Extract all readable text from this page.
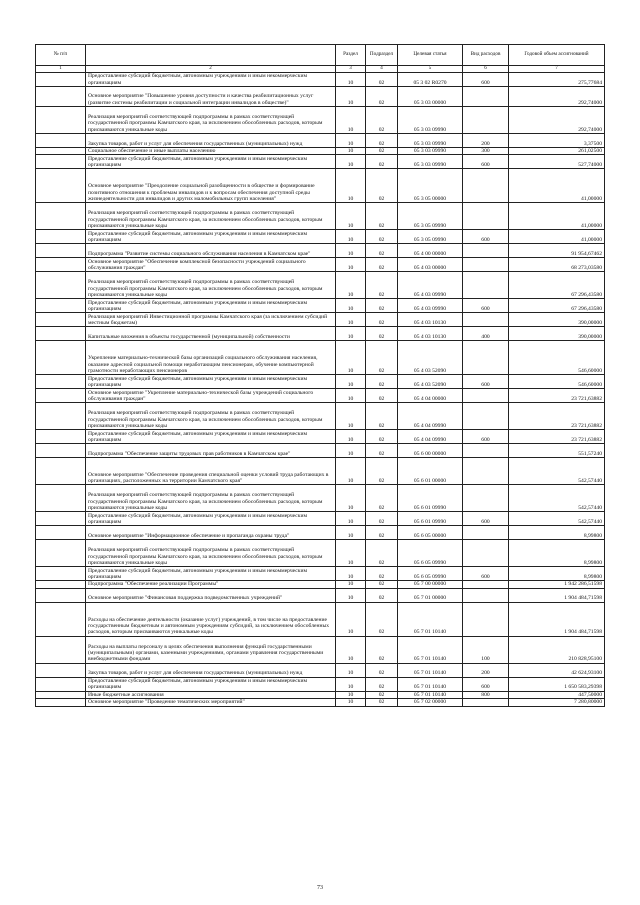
№ п/п		Раздел	Подраздел	Целевая статья	Вид расходов	Годовой объем ассигнований
1	2	3	4	5	6	7
	Предоставление субсидий бюджетным, автономным учреждениям и иным некоммерческим организациям	10	02	05 3 02 R0270	600	275,77684
	Основное мероприятие "Повышение уровня доступности и качества реабилитационных услуг (развитие системы реабилитации и социальной интеграции инвалидов в обществе)"	10	02	05 3 03 00000		292,74000
	Реализация мероприятий соответствующей подпрограммы в рамках соответствующей государственной программы Камчатского края, за исключением обособленных расходов, которым присваиваются уникальные коды	10	02	05 3 03 09990		292,74000
	Закупка товаров, работ и услуг для обеспечения государственных (муниципальных) нужд	10	02	05 3 03 09990	200	3,37500
	Социальное обеспечение и иные выплаты населению	10	02	05 3 03 09990	300	261,02500
	Предоставление субсидий бюджетным, автономным учреждениям и иным некоммерческим организациям	10	02	05 3 03 09990	600	527,74000
	Основное мероприятие "Преодоление социальной разобщенности в обществе и формирование позитивного отношения к проблемам инвалидов и к вопросам обеспечения доступной среды жизнедеятельности для инвалидов и других маломобильных групп населения"	10	02	05 3 05 00000		41,00000
	Реализация мероприятий соответствующей подпрограммы в рамках соответствующей государственной программы Камчатского края, за исключением обособленных расходов, которым присваиваются уникальные коды	10	02	05 3 05 09990		41,00000
	Предоставление субсидий бюджетным, автономным учреждениям и иным некоммерческим организациям	10	02	05 3 05 09990	600	41,00000
	Подпрограмма "Развитие системы социального обслуживания населения в Камчатском крае"	10	02	05 4 00 00000		91 954,67462
	Основное мероприятие "Обеспечение комплексной безопасности учреждений социального обслуживания граждан"	10	02	05 4 03 00000		68 273,03580
	Реализация мероприятий соответствующей подпрограммы в рамках соответствующей государственной программы Камчатского края, за исключением обособленных расходов, которым присваиваются уникальные коды	10	02	05 4 03 09990		67 296,43580
	Предоставление субсидий бюджетным, автономным учреждениям и иным некоммерческим организациям	10	02	05 4 03 09990	600	67 296,43580
	Реализация мероприятий Инвестиционной программы Камчатского края (за исключением субсидий местным бюджетам)	10	02	05 4 03 10130		390,00000
	Капитальные вложения в объекты государственной (муниципальной) собственности	10	02	05 4 03 10130	400	390,00000
	Укрепление материально-технической базы организаций социального обслуживания населения, оказание адресной социальной помощи неработающим пенсионерам, обучение компьютерной грамотности неработающих пенсионеров	10	02	05 4 03 52090		546,60000
	Предоставление субсидий бюджетным, автономным учреждениям и иным некоммерческим организациям	10	02	05 4 03 52090	600	546,60000
	Основное мероприятие "Укрепление материально-технической базы учреждений социального обслуживания граждан"	10	02	05 4 04 00000		23 721,63882
	Реализация мероприятий соответствующей подпрограммы в рамках соответствующей государственной программы Камчатского края, за исключением обособленных расходов, которым присваиваются уникальные коды	10	02	05 4 04 09990		23 721,63882
	Предоставление субсидий бюджетным, автономным учреждениям и иным некоммерческим организациям	10	02	05 4 04 09990	600	23 721,63882
	Подпрограмма "Обеспечение защиты трудовых прав работников в Камчатском крае"	10	02	05 6 00 00000		551,57240
	Основное мероприятие "Обеспечение проведения специальной оценки условий труда работающих в организациях, расположенных на территории Камчатского края"	10	02	05 6 01 00000		542,57440
	Реализация мероприятий соответствующей подпрограммы в рамках соответствующей государственной программы Камчатского края, за исключением обособленных расходов, которым присваиваются уникальные коды	10	02	05 6 01 09990		542,57440
	Предоставление субсидий бюджетным, автономным учреждениям и иным некоммерческим организациям	10	02	05 6 01 09990	600	542,57440
	Основное мероприятие "Информационное обеспечение и пропаганда охраны труда"	10	02	05 6 05 00000		8,99800
	Реализация мероприятий соответствующей подпрограммы в рамках соответствующей государственной программы Камчатского края, за исключением обособленных расходов, которым присваиваются уникальные коды	10	02	05 6 05 09990		8,99800
	Предоставление субсидий бюджетным, автономным учреждениям и иным некоммерческим организациям	10	02	05 6 05 09990	600	8,99800
	Подпрограмма "Обеспечение реализации Программы"	10	02	05 7 00 00000		1 942 286,51598
	Основное мероприятие "Финансовая поддержка подведомственных учреждений"	10	02	05 7 01 00000		1 904 484,71598
	Расходы на обеспечение деятельности (оказание услуг) учреждений, в том числе на предоставление государственным бюджетным и автономным учреждениям субсидий, за исключением обособленных расходов, которым присваиваются уникальные коды	10	02	05 7 01 10140		1 904 484,71598
	Расходы на выплаты персоналу в целях обеспечения выполнения функций государственными (муниципальными) органами, казенными учреждениями, органами управления государственными внебюджетными фондами	10	02	05 7 01 10140	100	210 828,95100
	Закупка товаров, работ и услуг для обеспечения государственных (муниципальных) нужд	10	02	05 7 01 10140	200	42 624,93100
	Предоставление субсидий бюджетным, автономным учреждениям и иным некоммерческим организациям	10	02	05 7 01 10140	600	1 650 583,29398
	Иные бюджетные ассигнования	10	02	05 7 01 10140	800	447,50000
	Основное мероприятие "Проведение тематических мероприятий"	10	02	05 7 02 00000		7 280,80000
73
